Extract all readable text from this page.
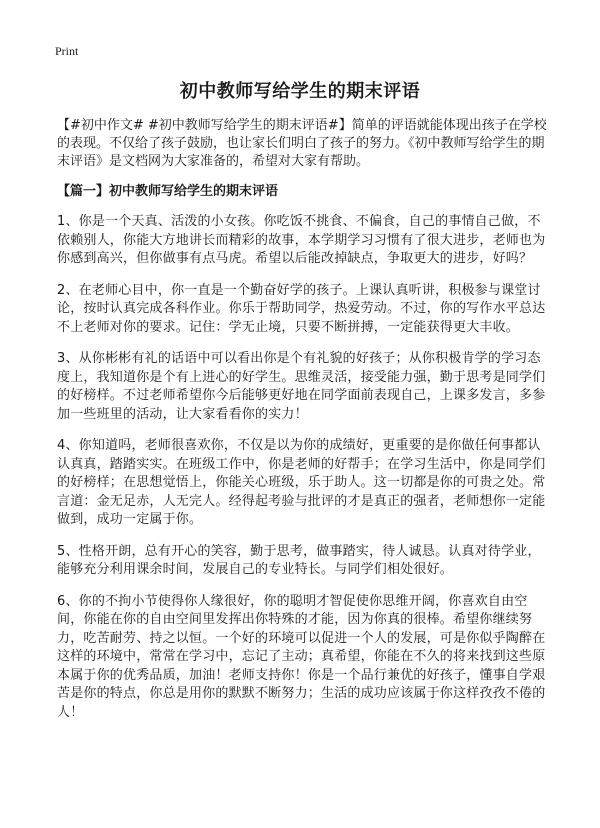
Print
初中教师写给学生的期末评语

【#初中作文# #初中教师写给学生的期末评语#】简单的评语就能体现出孩子在学校的表现。不仅给了孩子鼓励，也让家长们明白了孩子的努力。《初中教师写给学生的期末评语》是文档网为大家准备的，希望对大家有帮助。

【篇一】初中教师写给学生的期末评语

1、你是一个天真、活泼的小女孩。你吃饭不挑食、不偏食，自己的事情自己做，不依赖别人，你能大方地讲长而精彩的故事，本学期学习习惯有了很大进步，老师也为你感到高兴，但你做事有点马虎。希望以后能改掉缺点，争取更大的进步，好吗？

2、在老师心目中，你一直是一个勤奋好学的孩子。上课认真听讲，积极参与课堂讨论，按时认真完成各科作业。你乐于帮助同学，热爱劳动。不过，你的写作水平总达不上老师对你的要求。记住：学无止境，只要不断拼搏，一定能获得更大丰收。

3、从你彬彬有礼的话语中可以看出你是个有礼貌的好孩子；从你积极肯学的学习态度上，我知道你是个有上进心的好学生。思维灵活，接受能力强，勤于思考是同学们的好榜样。不过老师希望你今后能够更好地在同学面前表现自己，上课多发言，多参加一些班里的活动，让大家看看你的实力！

4、你知道吗，老师很喜欢你，不仅是以为你的成绩好，更重要的是你做任何事都认认真真，踏踏实实。在班级工作中，你是老师的好帮手；在学习生活中，你是同学们的好榜样；在思想觉悟上，你能关心班级，乐于助人。这一切都是你的可贵之处。常言道：金无足赤，人无完人。经得起考验与批评的才是真正的强者，老师想你一定能做到，成功一定属于你。

5、性格开朗，总有开心的笑容，勤于思考，做事踏实，待人诚恳。认真对待学业，能够充分利用课余时间，发展自己的专业特长。与同学们相处很好。

6、你的不拘小节使得你人缘很好，你的聪明才智促使你思维开阔，你喜欢自由空间，你能在你的自由空间里发挥出你特殊的才能，因为你真的很棒。希望你继续努力，吃苦耐劳、持之以恒。一个好的环境可以促进一个人的发展，可是你似乎陶醉在这样的环境中，常常在学习中，忘记了主动；真希望，你能在不久的将来找到这些原本属于你的优秀品质，加油！老师支持你！你是一个品行兼优的好孩子，懂事自学艰苦是你的特点，你总是用你的默默不断努力；生活的成功应该属于你这样孜孜不倦的人！
